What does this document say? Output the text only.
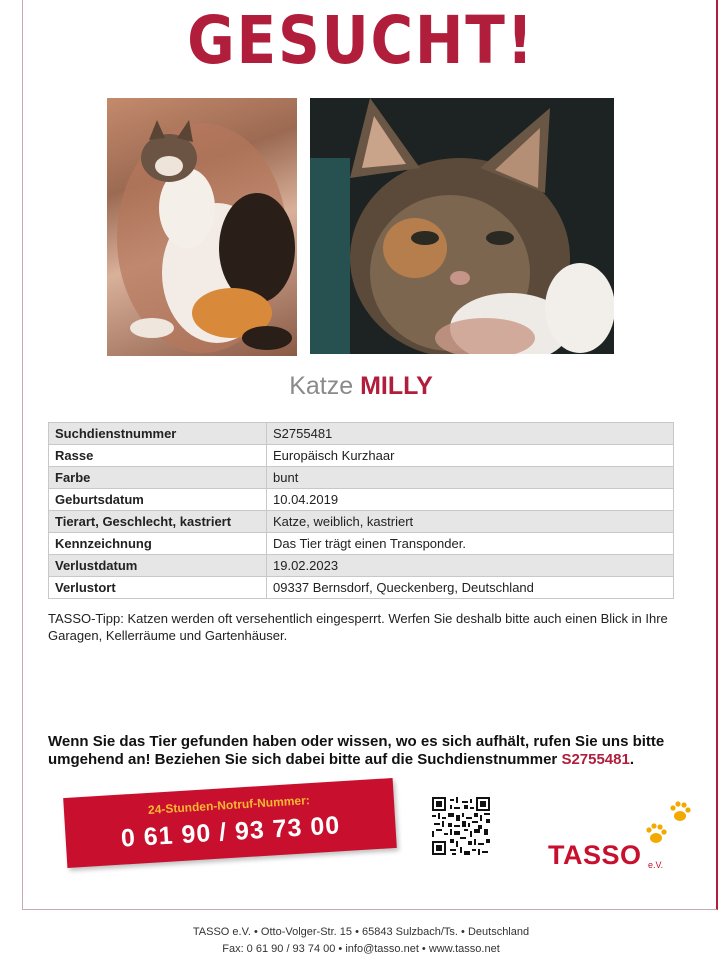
GESUCHT!
Katze MILLY
Suchdienstnummer	S2755481
Rasse	Europäisch Kurzhaar
Farbe	bunt
Geburtsdatum	10.04.2019
Tierart, Geschlecht, kastriert	Katze, weiblich, kastriert
Kennzeichnung	Das Tier trägt einen Transponder.
Verlustdatum	19.02.2023
Verlustort	09337 Bernsdorf, Queckenberg, Deutschland
TASSO-Tipp: Katzen werden oft versehentlich eingesperrt. Werfen Sie deshalb bitte auch einen Blick in Ihre Garagen, Kellerräume und Gartenhäuser.
Wenn Sie das Tier gefunden haben oder wissen, wo es sich aufhält, rufen Sie uns bitte umgehend an! Beziehen Sie sich dabei bitte auf die Suchdienstnummer S2755481.
24-Stunden-Notruf-Nummer:
0 61 90 / 93 73 00
TASSO e.V.
TASSO e.V. • Otto-Volger-Str. 15 • 65843 Sulzbach/Ts. • Deutschland
Fax: 0 61 90 / 93 74 00 • info@tasso.net • www.tasso.net
